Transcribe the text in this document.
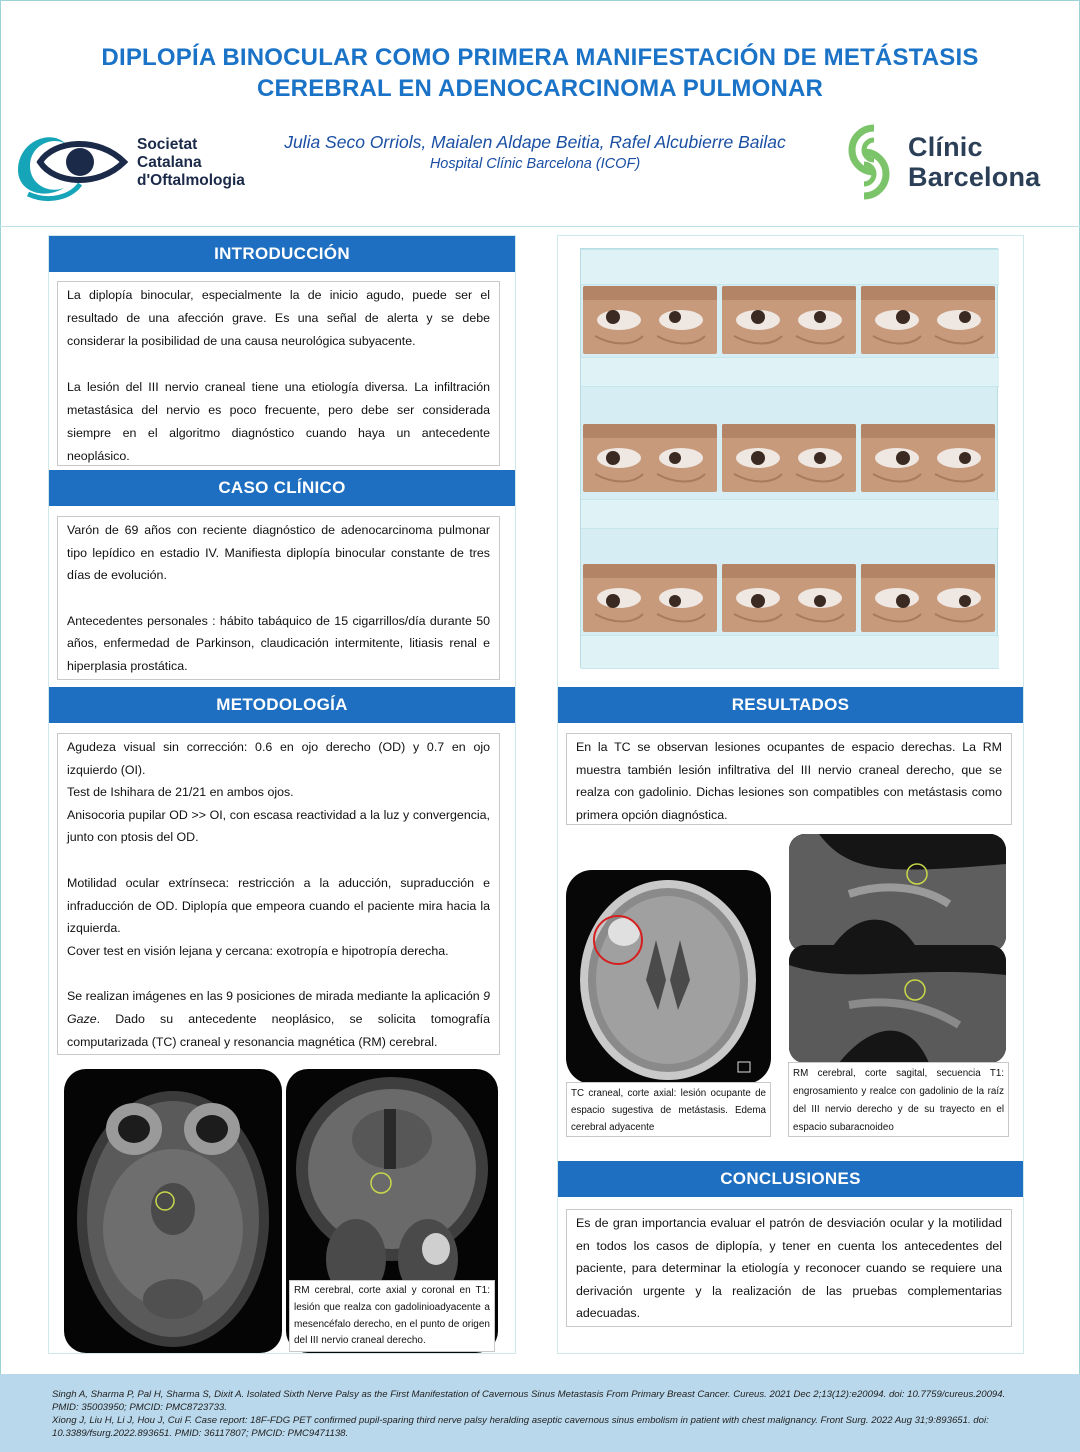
DIPLOPÍA BINOCULAR COMO PRIMERA MANIFESTACIÓN DE METÁSTASIS
CEREBRAL EN ADENOCARCINOMA PULMONAR
Societat
Catalana
d'Oftalmologia
Julia Seco Orriols, Maialen Aldape Beitia, Rafel Alcubierre Bailac
Hospital Clínic Barcelona (ICOF)
Clínic
Barcelona
INTRODUCCIÓN

La diplopía binocular, especialmente la de inicio agudo, puede ser el resultado de una afección grave. Es una señal de alerta y se debe considerar la posibilidad de una causa neurológica subyacente.

La lesión del III nervio craneal tiene una etiología diversa. La infiltración metastásica del nervio es poco frecuente, pero debe ser considerada siempre en el algoritmo diagnóstico cuando haya un antecedente neoplásico.

CASO CLÍNICO

Varón de 69 años con reciente diagnóstico de adenocarcinoma pulmonar tipo lepídico en estadio IV. Manifiesta diplopía binocular constante de tres días de evolución.

Antecedentes personales : hábito tabáquico de 15 cigarrillos/día durante 50 años, enfermedad de Parkinson, claudicación intermitente, litiasis renal e hiperplasia prostática.

METODOLOGÍA

Agudeza visual sin corrección: 0.6 en ojo derecho (OD) y 0.7 en ojo izquierdo (OI).

Test de Ishihara de 21/21 en ambos ojos.

Anisocoria pupilar OD >> OI, con escasa reactividad a la luz y convergencia, junto con ptosis del OD.

Motilidad ocular extrínseca: restricción a la aducción, supraducción e infraducción de OD. Diplopía que empeora cuando el paciente mira hacia la izquierda.

Cover test en visión lejana y cercana: exotropía e hipotropía derecha.

Se realizan imágenes en las 9 posiciones de mirada mediante la aplicación 9 Gaze. Dado su antecedente neoplásico, se solicita tomografía computarizada (TC) craneal y resonancia magnética (RM) cerebral.

RM cerebral, corte axial y coronal en T1: lesión que realza con gadolinioadyacente a mesencéfalo derecho, en el punto de origen del III nervio craneal derecho.
RESULTADOS
En la TC se observan lesiones ocupantes de espacio derechas. La RM muestra también lesión infiltrativa del III nervio craneal derecho, que se realza con gadolinio. Dichas lesiones son compatibles con metástasis como primera opción diagnóstica.
TC craneal, corte axial: lesión ocupante de espacio sugestiva de metástasis. Edema cerebral adyacente
RM cerebral, corte sagital, secuencia T1: engrosamiento y realce con gadolinio de la raíz del III nervio derecho y de su trayecto en el espacio subaracnoideo
CONCLUSIONES
Es de gran importancia evaluar el patrón de desviación ocular y la motilidad en todos los casos de diplopía, y tener en cuenta los antecedentes del paciente, para determinar la etiología y reconocer cuando se requiere una derivación urgente y la realización de las pruebas complementarias adecuadas.

Singh A, Sharma P, Pal H, Sharma S, Dixit A. Isolated Sixth Nerve Palsy as the First Manifestation of Cavernous Sinus Metastasis From Primary Breast Cancer. Cureus. 2021 Dec 2;13(12):e20094. doi: 10.7759/cureus.20094. PMID: 35003950; PMCID: PMC8723733.

Xiong J, Liu H, Li J, Hou J, Cui F. Case report: 18F-FDG PET confirmed pupil-sparing third nerve palsy heralding aseptic cavernous sinus embolism in patient with chest malignancy. Front Surg. 2022 Aug 31;9:893651. doi: 10.3389/fsurg.2022.893651. PMID: 36117807; PMCID: PMC9471138.
